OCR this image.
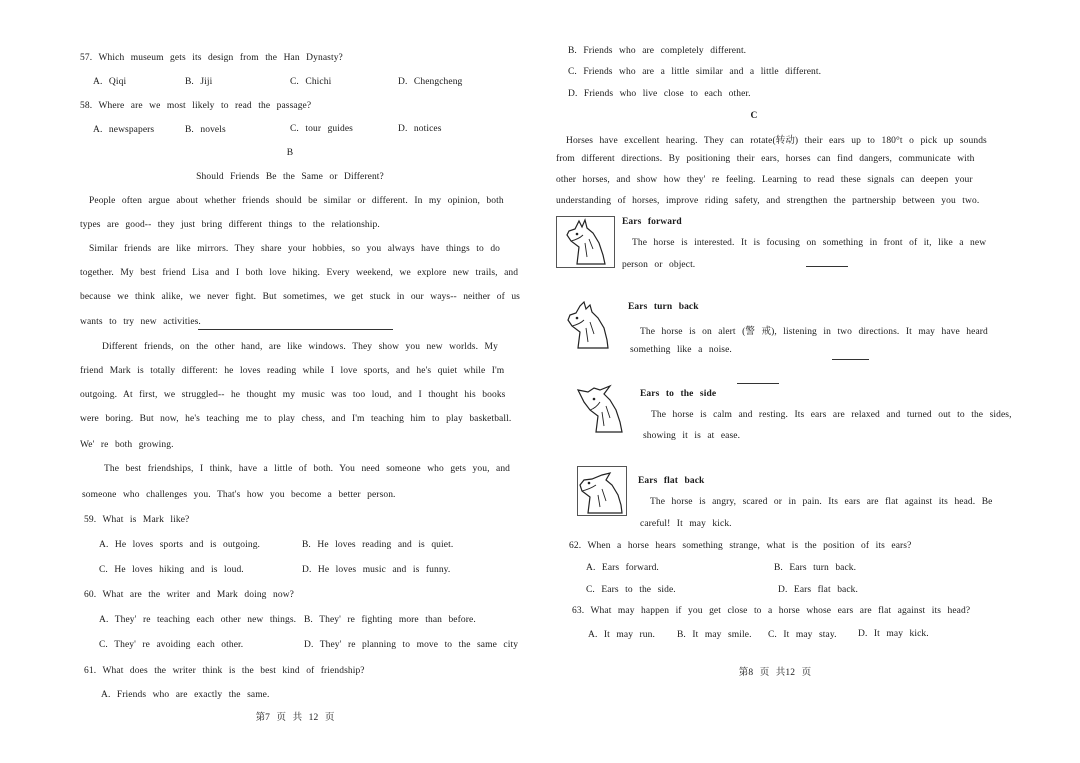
57. Which museum gets its design from the Han Dynasty?
A. Qiqi	B. Jiji	C. Chichi	D. Chengcheng
58. Where are we most likely to read the passage?
A. newspapers	B. novels	C. tour guides	D. notices
B
Should Friends Be the Same or Different?
People often argue about whether friends should be similar or different. In my opinion, both
types are good-- they just bring different things to the relationship.
Similar friends are like mirrors. They share your hobbies, so you always have things to do
together. My best friend Lisa and I both love hiking. Every weekend, we explore new trails, and
because we think alike, we never fight. But sometimes, we get stuck in our ways-- neither of us
wants to try new activities.
Different friends, on the other hand, are like windows. They show you new worlds. My
friend Mark is totally different: he loves reading while I love sports, and he's quiet while I'm
outgoing. At first, we struggled-- he thought my music was too loud, and I thought his books
were boring. But now, he's teaching me to play chess, and I'm teaching him to play basketball.
We' re both growing.
The best friendships, I think, have a little of both. You need someone who gets you, and
someone who challenges you. That's how you become a better person.
59. What is Mark like?
A. He loves sports and is outgoing.	B. He loves reading and is quiet.
C. He loves hiking and is loud.	D. He loves music and is funny.
60. What are the writer and Mark doing now?
A. They' re teaching each other new things. B. They' re fighting more than before.
C. They' re avoiding each other.	D. They' re planning to move to the same city
61. What does the writer think is the best kind of friendship?
A. Friends who are exactly the same.
第7 页 共 12 页
B. Friends who are completely different.
C. Friends who are a little similar and a little different.
D. Friends who live close to each other.
C
Horses have excellent hearing. They can rotate(转动) their ears up to 180°t o pick up sounds
from different directions. By positioning their ears, horses can find dangers, communicate with
other horses, and show how they' re feeling. Learning to read these signals can deepen your
understanding of horses, improve riding safety, and strengthen the partnership between you two.
Ears forward
The horse is interested. It is focusing on something in front of it, like a new
person or object.
Ears turn back
The horse is on alert (警 戒), listening in two directions. It may have heard
something like a noise.
Ears to the side
The horse is calm and resting. Its ears are relaxed and turned out to the sides,
showing it is at ease.
Ears flat back
The horse is angry, scared or in pain. Its ears are flat against its head. Be
careful! It may kick.
62. When a horse hears something strange, what is the position of its ears?
A. Ears forward.	B. Ears turn back.
C. Ears to the side.	D. Ears flat back.
63. What may happen if you get close to a horse whose ears are flat against its head?
A. It may run. B. It may smile. C. It may stay. D. It may kick.
第8 页 共12 页
